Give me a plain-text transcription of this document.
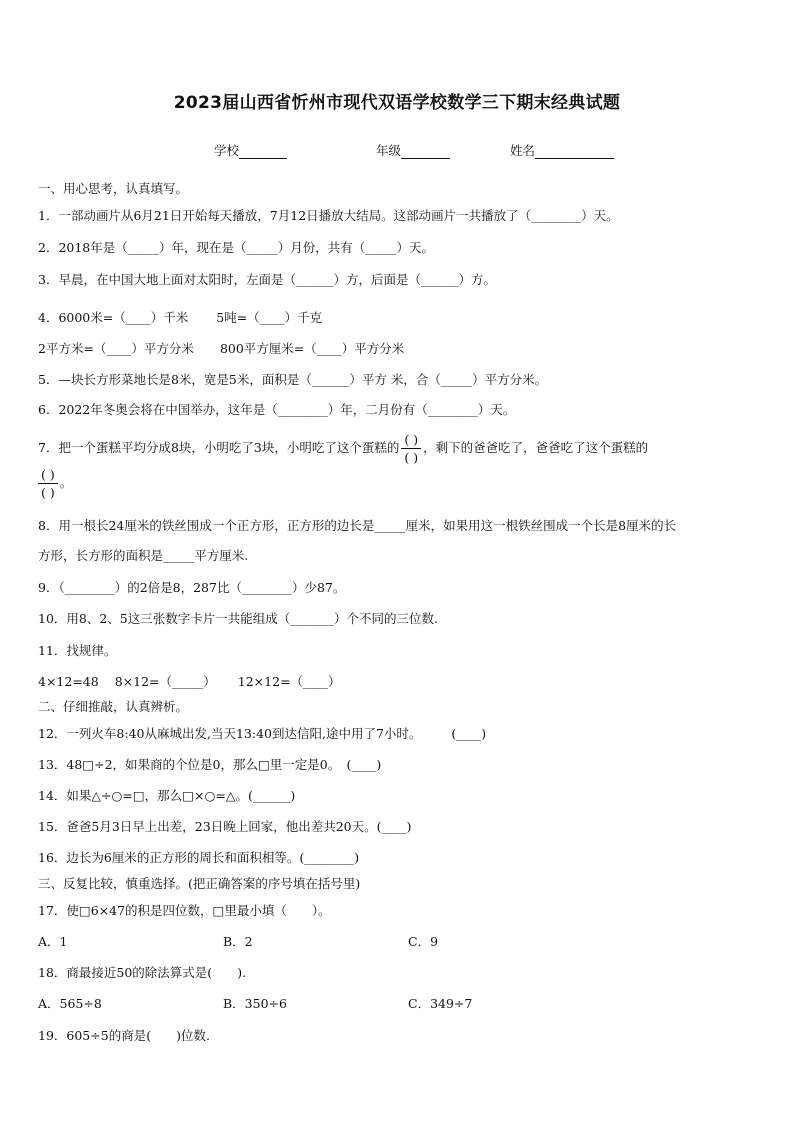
2023届山西省忻州市现代双语学校数学三下期末经典试题
学校	年级	姓名
一、用心思考，认真填写。
1．一部动画片从6月21日开始每天播放，7月12日播放大结局。这部动画片一共播放了（________）天。
2．2018年是（_____）年，现在是（_____）月份，共有（_____）天。
3．早晨，在中国大地上面对太阳时，左面是（______）方，后面是（______）方。
4．6000米=（____）千米 5吨=（____）千克
2平方米=（____）平方分米 800平方厘米=（____）平方分米
5．—块长方形菜地长是8米，宽是5米，面积是（______）平方 米，合（_____）平方分米。
6．2022年冬奥会将在中国举办，这年是（________）年，二月份有（________）天。
7．把一个蛋糕平均分成8块，小明吃了3块，小明吃了这个蛋糕的 $\frac{( )}{( )}$ ，剩下的爸爸吃了，爸爸吃了这个蛋糕的
$\frac{( )}{( )}$ 。
8．用一根长24厘米的铁丝围成一个正方形，正方形的边长是_____厘米，如果用这一根铁丝围成一个长是8厘米的长
方形，长方形的面积是_____平方厘米.
9．（________）的2倍是8，287比（________）少87。
10．用8、2、5这三张数字卡片一共能组成（_______）个不同的三位数.
11．找规律。
4×12=48 8×12=（_____） 12×12=（____）
二、仔细推敲，认真辨析。
12．一列火车8:40从麻城出发,当天13:40到达信阳,途中用了7小时。 (____)
13．48□÷2，如果商的个位是0，那么□里一定是0。　(____)
14．如果△÷○=□，那么□×○=△。(______)
15．爸爸5月3日早上出差，23日晚上回家，他出差共20天。(____)
16．边长为6厘米的正方形的周长和面积相等。(________)
三、反复比较，慎重选择。(把正确答案的序号填在括号里)
17．使□6×47的积是四位数，□里最小填（　　）。
A．1	B．2	C．9
18．商最接近50的除法算式是(　　).
A．565÷8	B．350÷6	C．349÷7
19．605÷5的商是(　　)位数.
